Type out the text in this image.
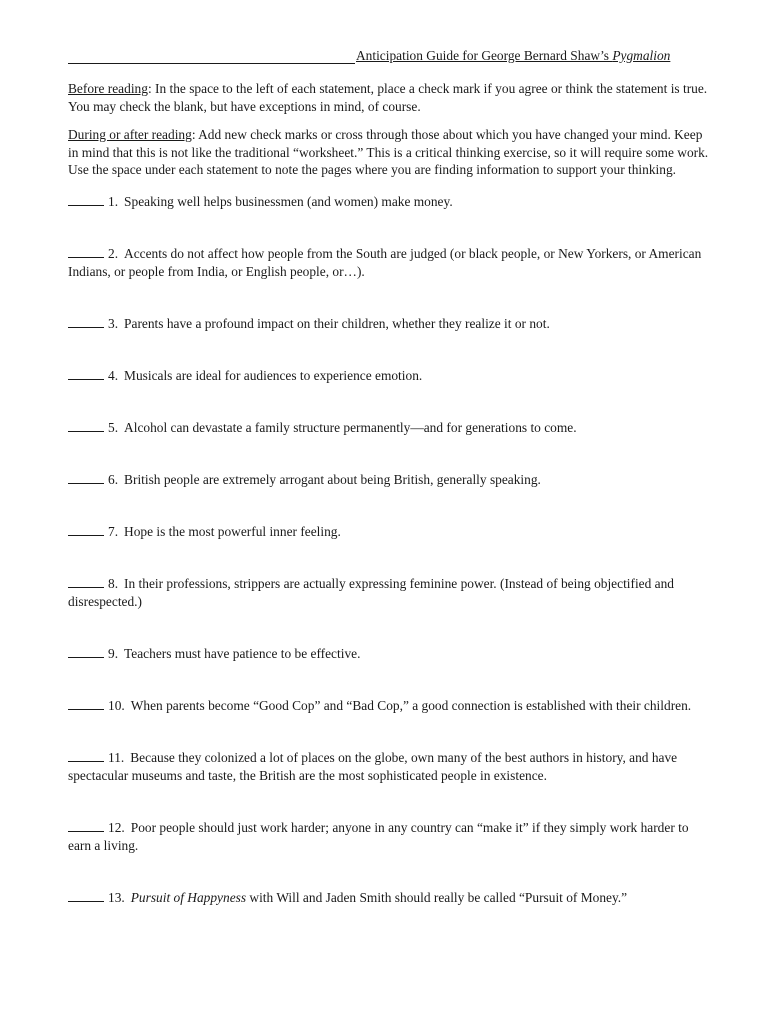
Anticipation Guide for George Bernard Shaw’s Pygmalion

Before reading: In the space to the left of each statement, place a check mark if you agree or think the statement is true. You may check the blank, but have exceptions in mind, of course.

During or after reading: Add new check marks or cross through those about which you have changed your mind. Keep in mind that this is not like the traditional “worksheet.” This is a critical thinking exercise, so it will require some work. Use the space under each statement to note the pages where you are finding information to support your thinking.

1. Speaking well helps businessmen (and women) make money.
2. Accents do not affect how people from the South are judged (or black people, or New Yorkers, or American Indians, or people from India, or English people, or…).
3. Parents have a profound impact on their children, whether they realize it or not.
4. Musicals are ideal for audiences to experience emotion.
5. Alcohol can devastate a family structure permanently—and for generations to come.
6. British people are extremely arrogant about being British, generally speaking.
7. Hope is the most powerful inner feeling.
8. In their professions, strippers are actually expressing feminine power. (Instead of being objectified and disrespected.)
9. Teachers must have patience to be effective.
10. When parents become “Good Cop” and “Bad Cop,” a good connection is established with their children.
11. Because they colonized a lot of places on the globe, own many of the best authors in history, and have spectacular museums and taste, the British are the most sophisticated people in existence.
12. Poor people should just work harder; anyone in any country can “make it” if they simply work harder to earn a living.
13. Pursuit of Happyness with Will and Jaden Smith should really be called “Pursuit of Money.”
